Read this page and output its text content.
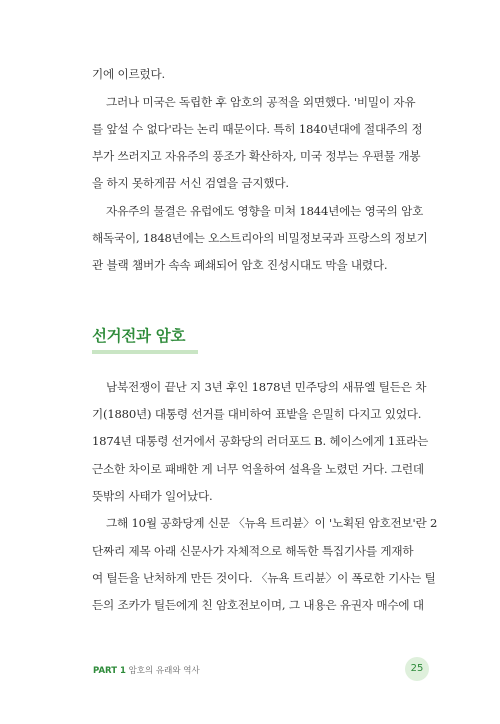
기에 이르렀다.
그러나 미국은 독립한 후 암호의 공적을 외면했다. '비밀이 자유
를 앞설 수 없다'라는 논리 때문이다. 특히 1840년대에 절대주의 정
부가 쓰러지고 자유주의 풍조가 확산하자, 미국 정부는 우편물 개봉
을 하지 못하게끔 서신 검열을 금지했다.
자유주의 물결은 유럽에도 영향을 미쳐 1844년에는 영국의 암호
해독국이, 1848년에는 오스트리아의 비밀정보국과 프랑스의 정보기
관 블랙 챔버가 속속 폐쇄되어 암호 진성시대도 막을 내렸다.
선거전과 암호
남북전쟁이 끝난 지 3년 후인 1878년 민주당의 새뮤엘 틸든은 차
기(1880년) 대통령 선거를 대비하여 표밭을 은밀히 다지고 있었다.
1874년 대통령 선거에서 공화당의 러더포드 B. 헤이스에게 1표라는
근소한 차이로 패배한 게 너무 억울하여 설욕을 노렸던 거다. 그런데
뜻밖의 사태가 일어났다.
그해 10월 공화당계 신문 〈뉴욕 트리뷴〉이 '노획된 암호전보'란 2
단짜리 제목 아래 신문사가 자체적으로 해독한 특집기사를 게재하
여 틸든을 난처하게 만든 것이다. 〈뉴욕 트리뷴〉이 폭로한 기사는 틸
든의 조카가 틸든에게 친 암호전보이며, 그 내용은 유권자 매수에 대
PART 1 암호의 유래와 역사	25
